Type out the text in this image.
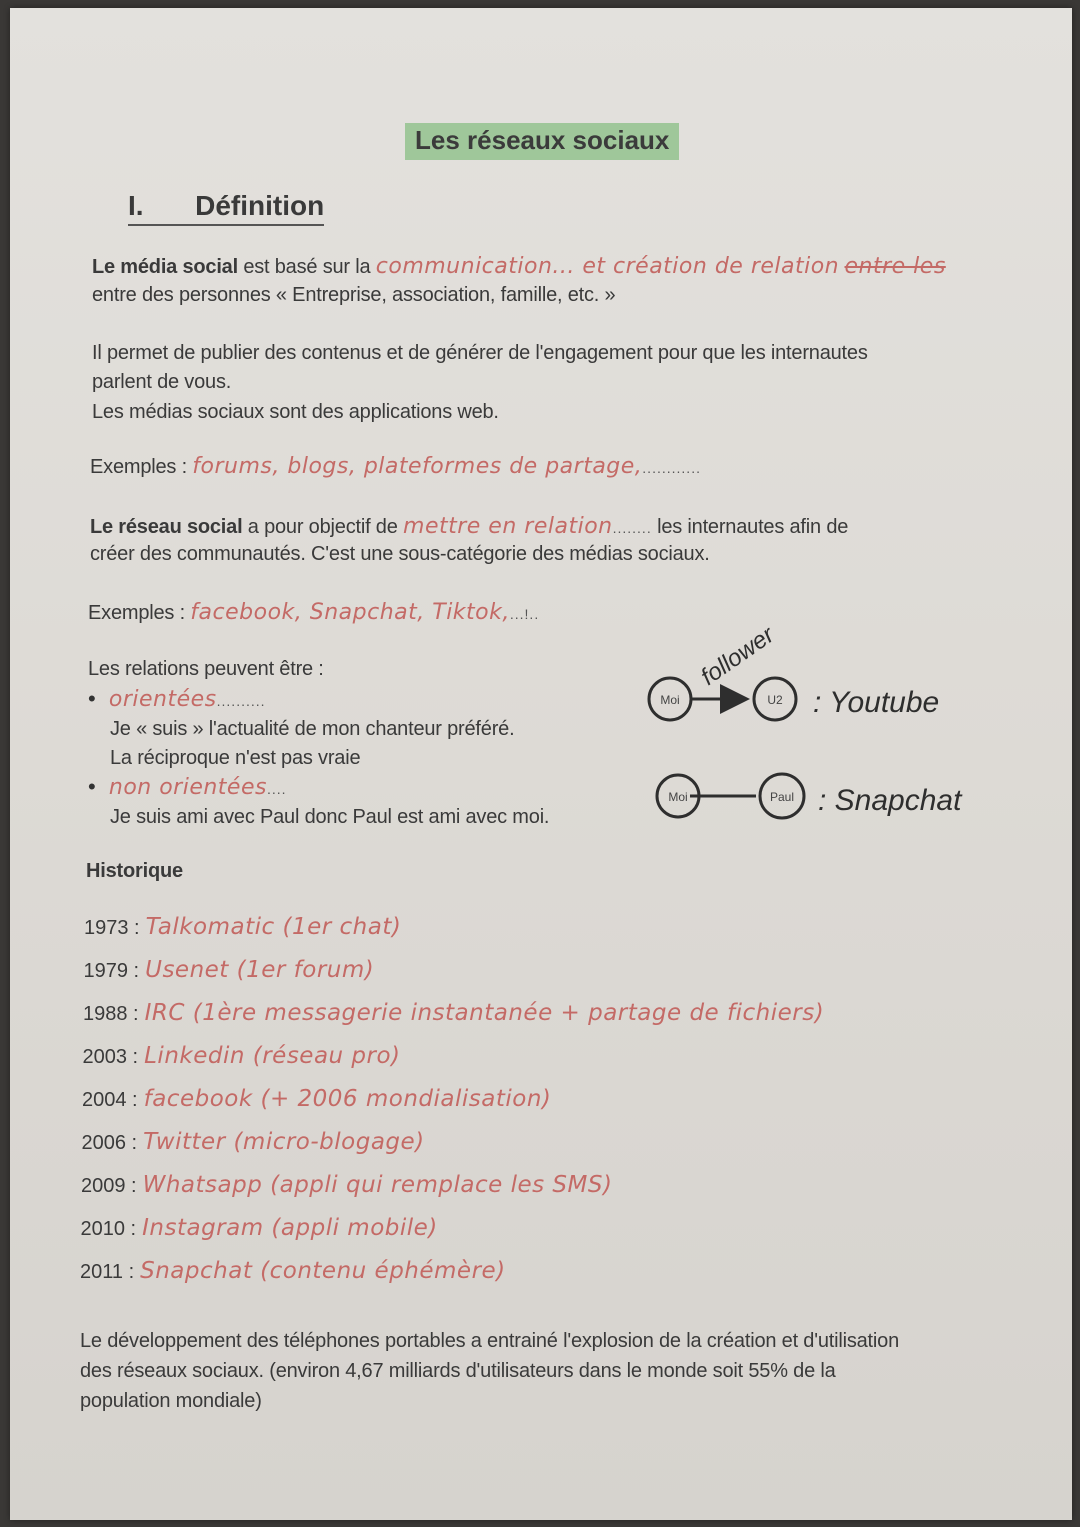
Les réseaux sociaux
I. Définition
Le média social est basé sur la communication... et création de relation entre les
entre des personnes « Entreprise, association, famille, etc. »
Il permet de publier des contenus et de générer de l'engagement pour que les internautes
parlent de vous.
Les médias sociaux sont des applications web.
Exemples : forums, blogs, plateformes de partage,............
Le réseau social a pour objectif de mettre en relation........ les internautes afin de
créer des communautés. C'est une sous-catégorie des médias sociaux.
Exemples : facebook, Snapchat, Tiktok,...!..
Les relations peuvent être :
• orientées..........
Je « suis » l'actualité de mon chanteur préféré.
La réciproque n'est pas vraie
• non orientées....
Je suis ami avec Paul donc Paul est ami avec moi.
Moi	U2
follower
: Youtube
Moi	Paul : Snapchat
Historique
1973 : Talkomatic (1er chat)
1979 : Usenet (1er forum)
1988 : IRC (1ère messagerie instantanée + partage de fichiers)
2003 : Linkedin (réseau pro)
2004 : facebook (+ 2006 mondialisation)
2006 : Twitter (micro-blogage)
2009 : Whatsapp (appli qui remplace les SMS)
2010 : Instagram (appli mobile)
2011 : Snapchat (contenu éphémère)
Le développement des téléphones portables a entrainé l'explosion de la création et d'utilisation
des réseaux sociaux. (environ 4,67 milliards d'utilisateurs dans le monde soit 55% de la
population mondiale)
